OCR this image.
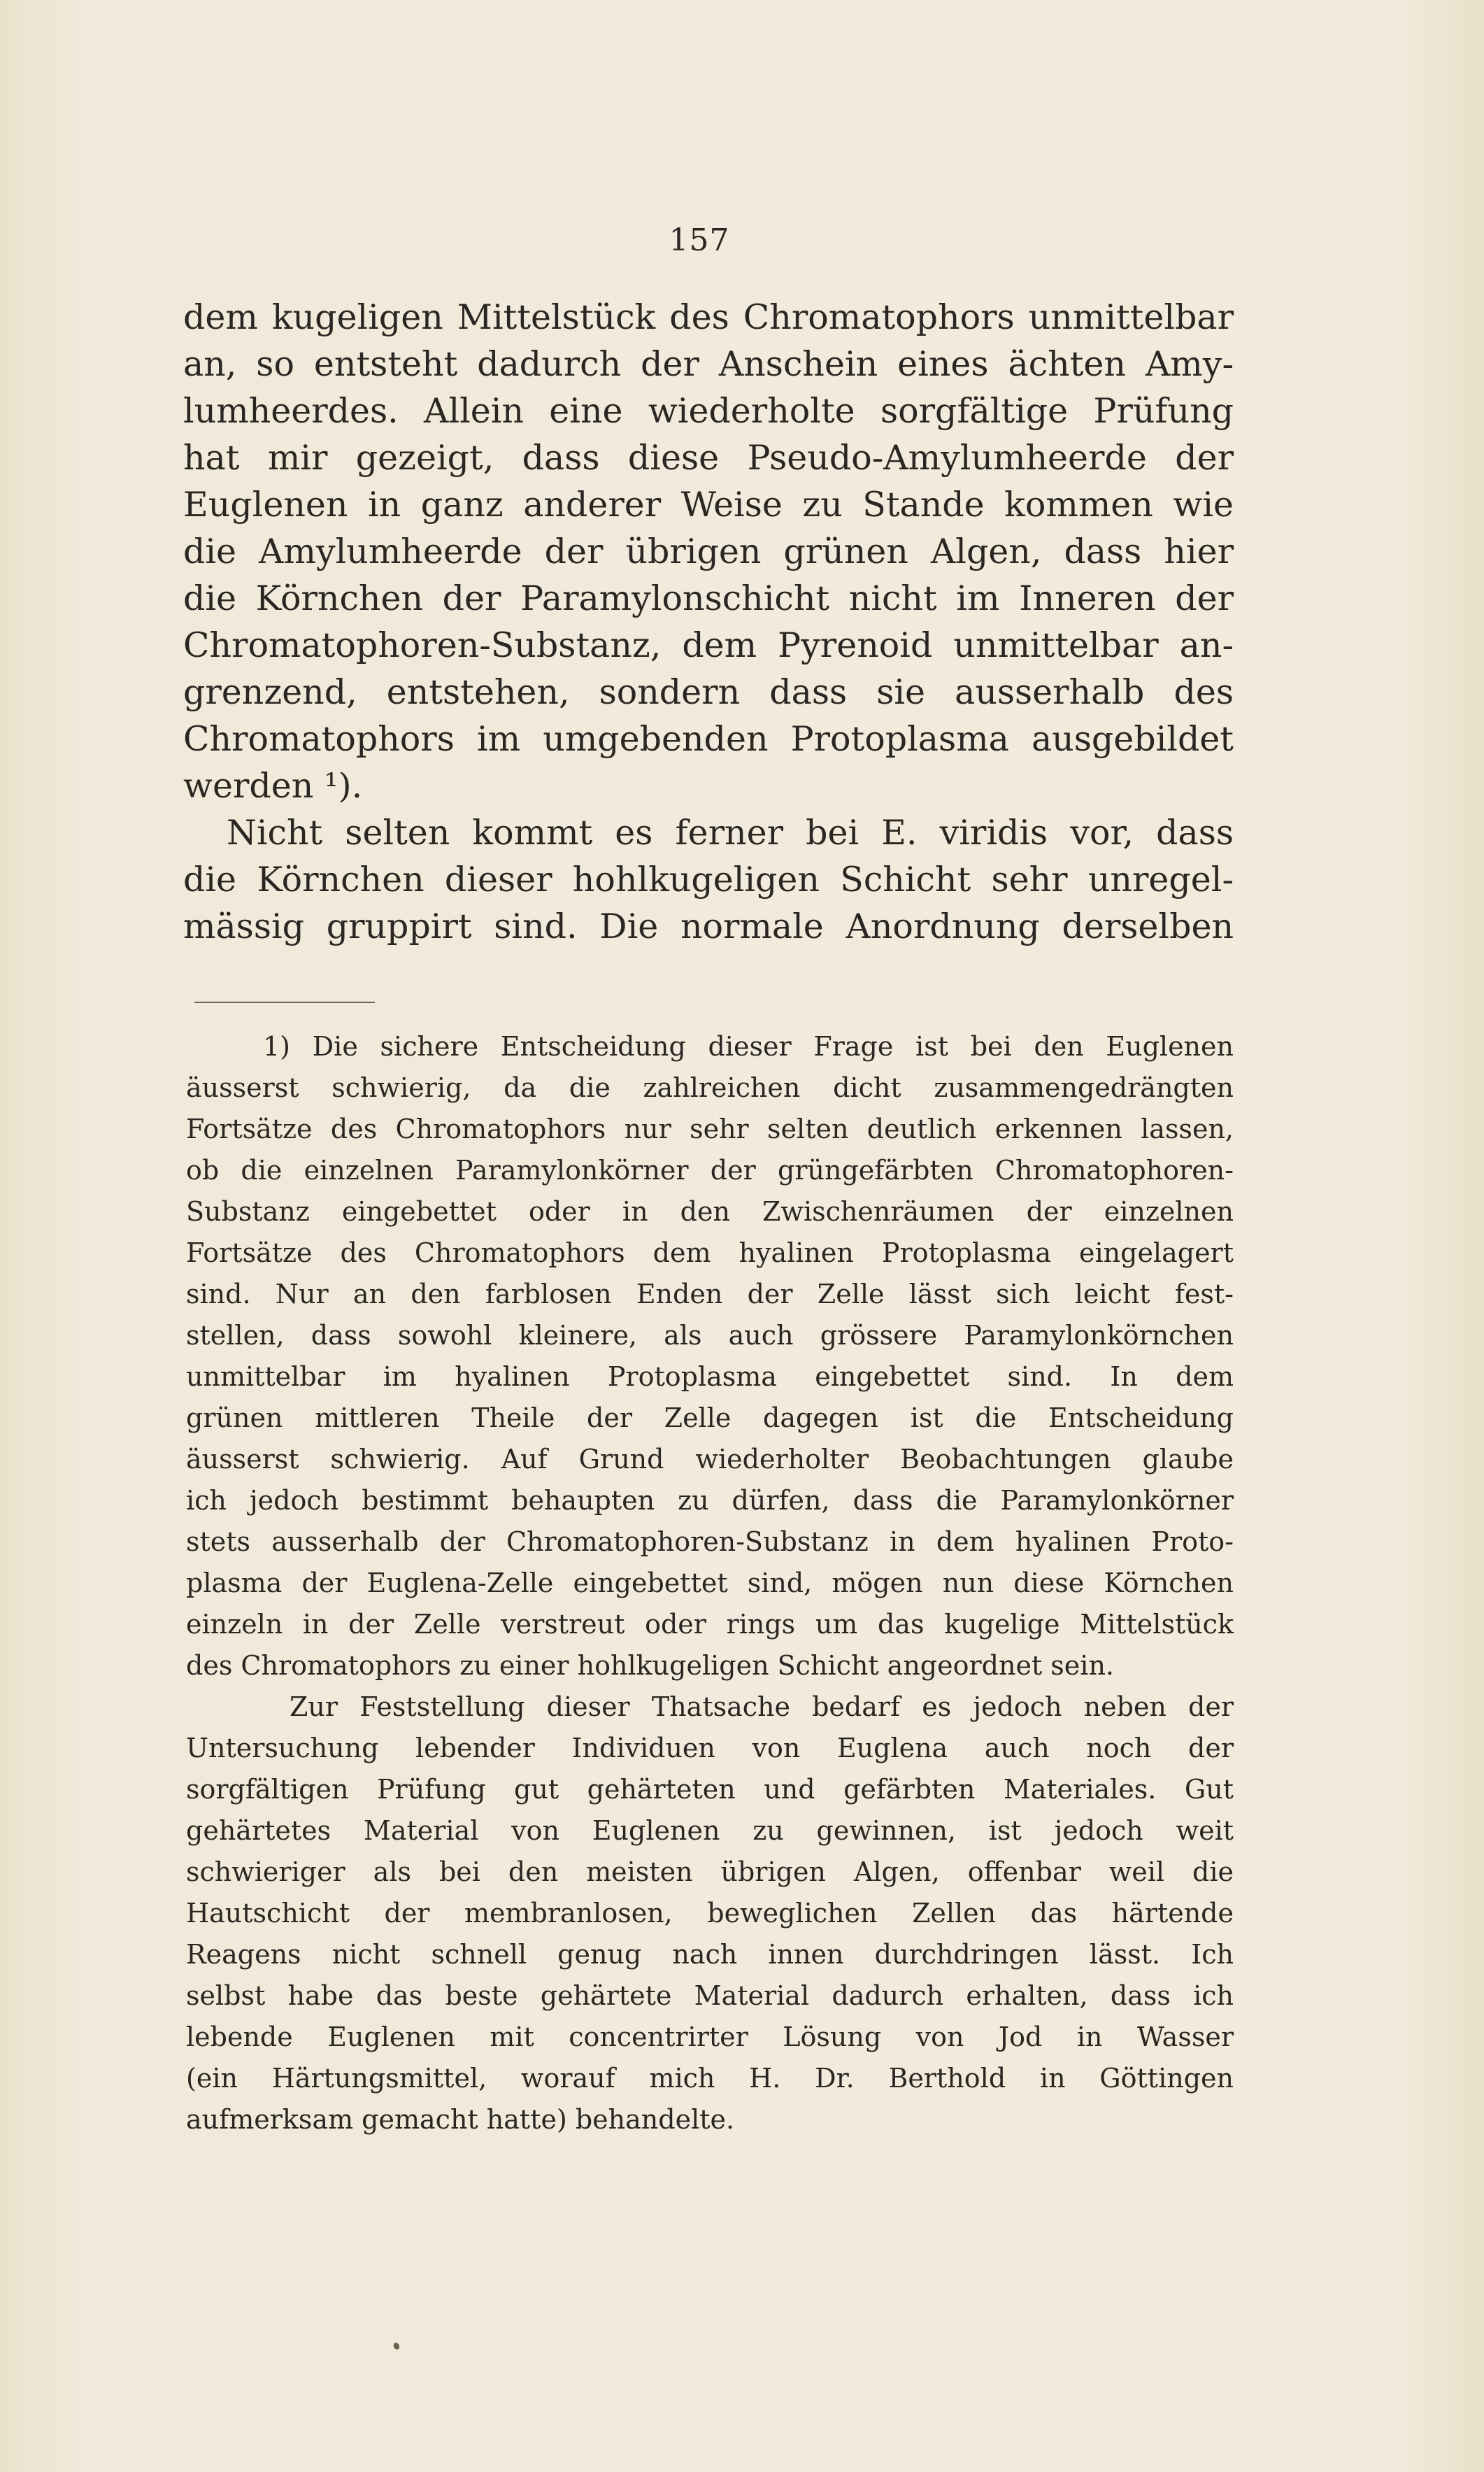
157
dem kugeligen Mittelstück des Chromatophors unmittelbar
an, so entsteht dadurch der Anschein eines ächten Amy-
lumheerdes. Allein eine wiederholte sorgfältige Prüfung
hat mir gezeigt, dass diese Pseudo-Amylumheerde der
Euglenen in ganz anderer Weise zu Stande kommen wie
die Amylumheerde der übrigen grünen Algen, dass hier
die Körnchen der Paramylonschicht nicht im Inneren der
Chromatophoren-Substanz, dem Pyrenoid unmittelbar an-
grenzend, entstehen, sondern dass sie ausserhalb des
Chromatophors im umgebenden Protoplasma ausgebildet
werden ¹).
Nicht selten kommt es ferner bei E. viridis vor, dass
die Körnchen dieser hohlkugeligen Schicht sehr unregel-
mässig gruppirt sind. Die normale Anordnung derselben
1) Die sichere Entscheidung dieser Frage ist bei den Euglenen
äusserst schwierig, da die zahlreichen dicht zusammengedrängten
Fortsätze des Chromatophors nur sehr selten deutlich erkennen lassen,
ob die einzelnen Paramylonkörner der grüngefärbten Chromatophoren-
Substanz eingebettet oder in den Zwischenräumen der einzelnen
Fortsätze des Chromatophors dem hyalinen Protoplasma eingelagert
sind. Nur an den farblosen Enden der Zelle lässt sich leicht fest-
stellen, dass sowohl kleinere, als auch grössere Paramylonkörnchen
unmittelbar im hyalinen Protoplasma eingebettet sind. In dem
grünen mittleren Theile der Zelle dagegen ist die Entscheidung
äusserst schwierig. Auf Grund wiederholter Beobachtungen glaube
ich jedoch bestimmt behaupten zu dürfen, dass die Paramylonkörner
stets ausserhalb der Chromatophoren-Substanz in dem hyalinen Proto-
plasma der Euglena-Zelle eingebettet sind, mögen nun diese Körnchen
einzeln in der Zelle verstreut oder rings um das kugelige Mittelstück
des Chromatophors zu einer hohlkugeligen Schicht angeordnet sein.
Zur Feststellung dieser Thatsache bedarf es jedoch neben der
Untersuchung lebender Individuen von Euglena auch noch der
sorgfältigen Prüfung gut gehärteten und gefärbten Materiales. Gut
gehärtetes Material von Euglenen zu gewinnen, ist jedoch weit
schwieriger als bei den meisten übrigen Algen, offenbar weil die
Hautschicht der membranlosen, beweglichen Zellen das härtende
Reagens nicht schnell genug nach innen durchdringen lässt. Ich
selbst habe das beste gehärtete Material dadurch erhalten, dass ich
lebende Euglenen mit concentrirter Lösung von Jod in Wasser
(ein Härtungsmittel, worauf mich H. Dr. Berthold in Göttingen
aufmerksam gemacht hatte) behandelte.
